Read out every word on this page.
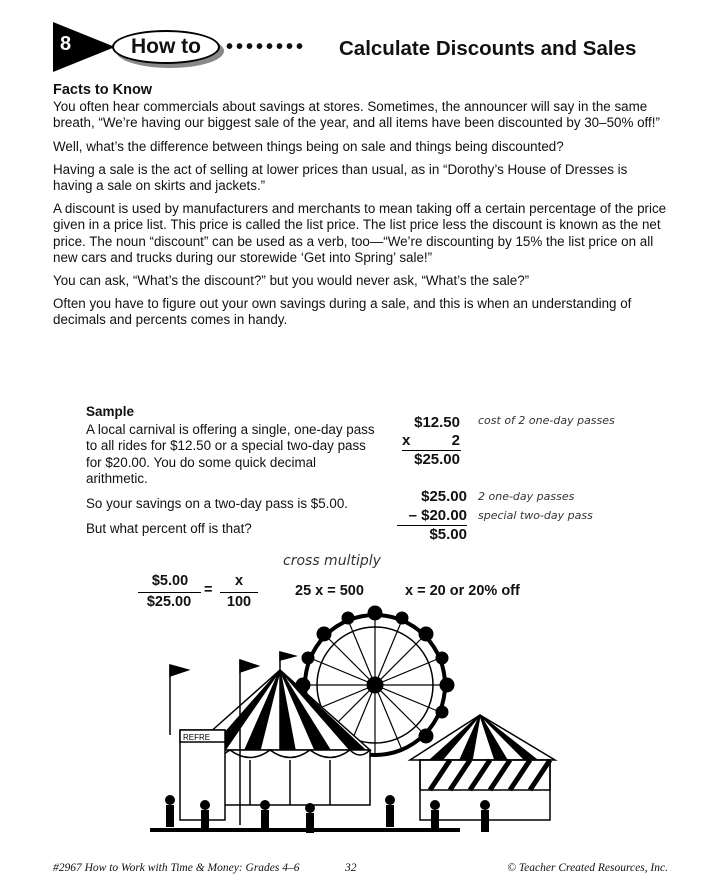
8	How to	•••••••• Calculate Discounts and Sales
Facts to Know

You often hear commercials about savings at stores. Sometimes, the announcer will say in the same breath, “We’re having our biggest sale of the year, and all items have been discounted by 30–50% off!”

Well, what’s the difference between things being on sale and things being discounted?

Having a sale is the act of selling at lower prices than usual, as in “Dorothy’s House of Dresses is having a sale on skirts and jackets.”

A discount is used by manufacturers and merchants to mean taking off a certain percentage of the price given in a price list. This price is called the list price. The list price less the discount is known as the net price. The noun “discount” can be used as a verb, too—“We’re discounting by 15% the list price on all new cars and trucks during our storewide ‘Get into Spring’ sale!”

You can ask, “What’s the discount?” but you would never ask, “What’s the sale?”

Often you have to figure out your own savings during a sale, and this is when an understanding of decimals and percents comes in handy.

Sample

A local carnival is offering a single, one-day pass to all rides for $12.50 or a special two-day pass for $20.00. You do some quick decimal arithmetic.

So your savings on a two-day pass is $5.00.

But what percent off is that?

$12.50 cost of 2 one-day passes
x	2
$25.00
$25.00 2 one-day passes
– $20.00 special two-day pass
$5.00
cross multiply
$5.00
$25.00
=
x
100
25 x = 500	x = 20 or 20% off
REFRE
#2967 How to Work with Time & Money: Grades 4–6	32	© Teacher Created Resources, Inc.
